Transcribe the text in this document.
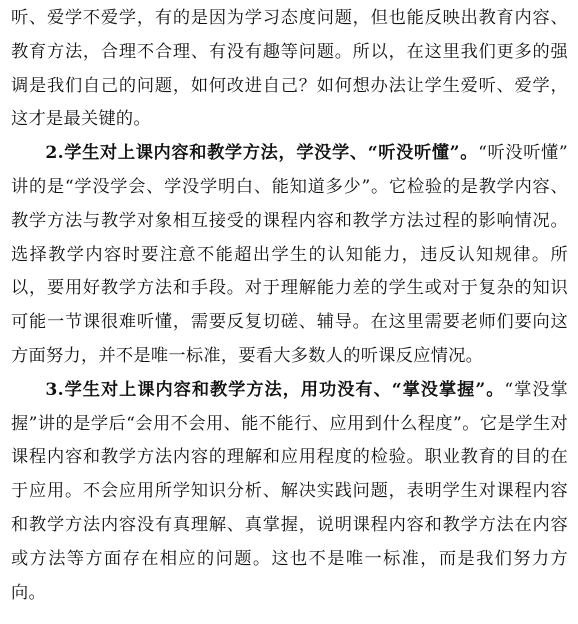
听、爱学不爱学，有的是因为学习态度问题，但也能反映出教育内容、教育方法，合理不合理、有没有趣等问题。所以，在这里我们更多的强调是我们自己的问题，如何改进自己？如何想办法让学生爱听、爱学，这才是最关键的。

2.学生对上课内容和教学方法，学没学、“听没听懂”。“听没听懂” 讲的是“学没学会、学没学明白、能知道多少”。它检验的是教学内容、教学方法与教学对象相互接受的课程内容和教学方法过程的影响情况。选择教学内容时要注意不能超出学生的认知能力，违反认知规律。所以，要用好教学方法和手段。对于理解能力差的学生或对于复杂的知识可能一节课很难听懂，需要反复切磋、辅导。在这里需要老师们要向这方面努力，并不是唯一标准，要看大多数人的听课反应情况。

3.学生对上课内容和教学方法，用功没有、“掌没掌握”。“掌没掌握”讲的是学后“会用不会用、能不能行、应用到什么程度”。它是学生对课程内容和教学方法内容的理解和应用程度的检验。职业教育的目的在于应用。不会应用所学知识分析、解决实践问题，表明学生对课程内容和教学方法内容没有真理解、真掌握，说明课程内容和教学方法在内容或方法等方面存在相应的问题。这也不是唯一标准，而是我们努力方向。
